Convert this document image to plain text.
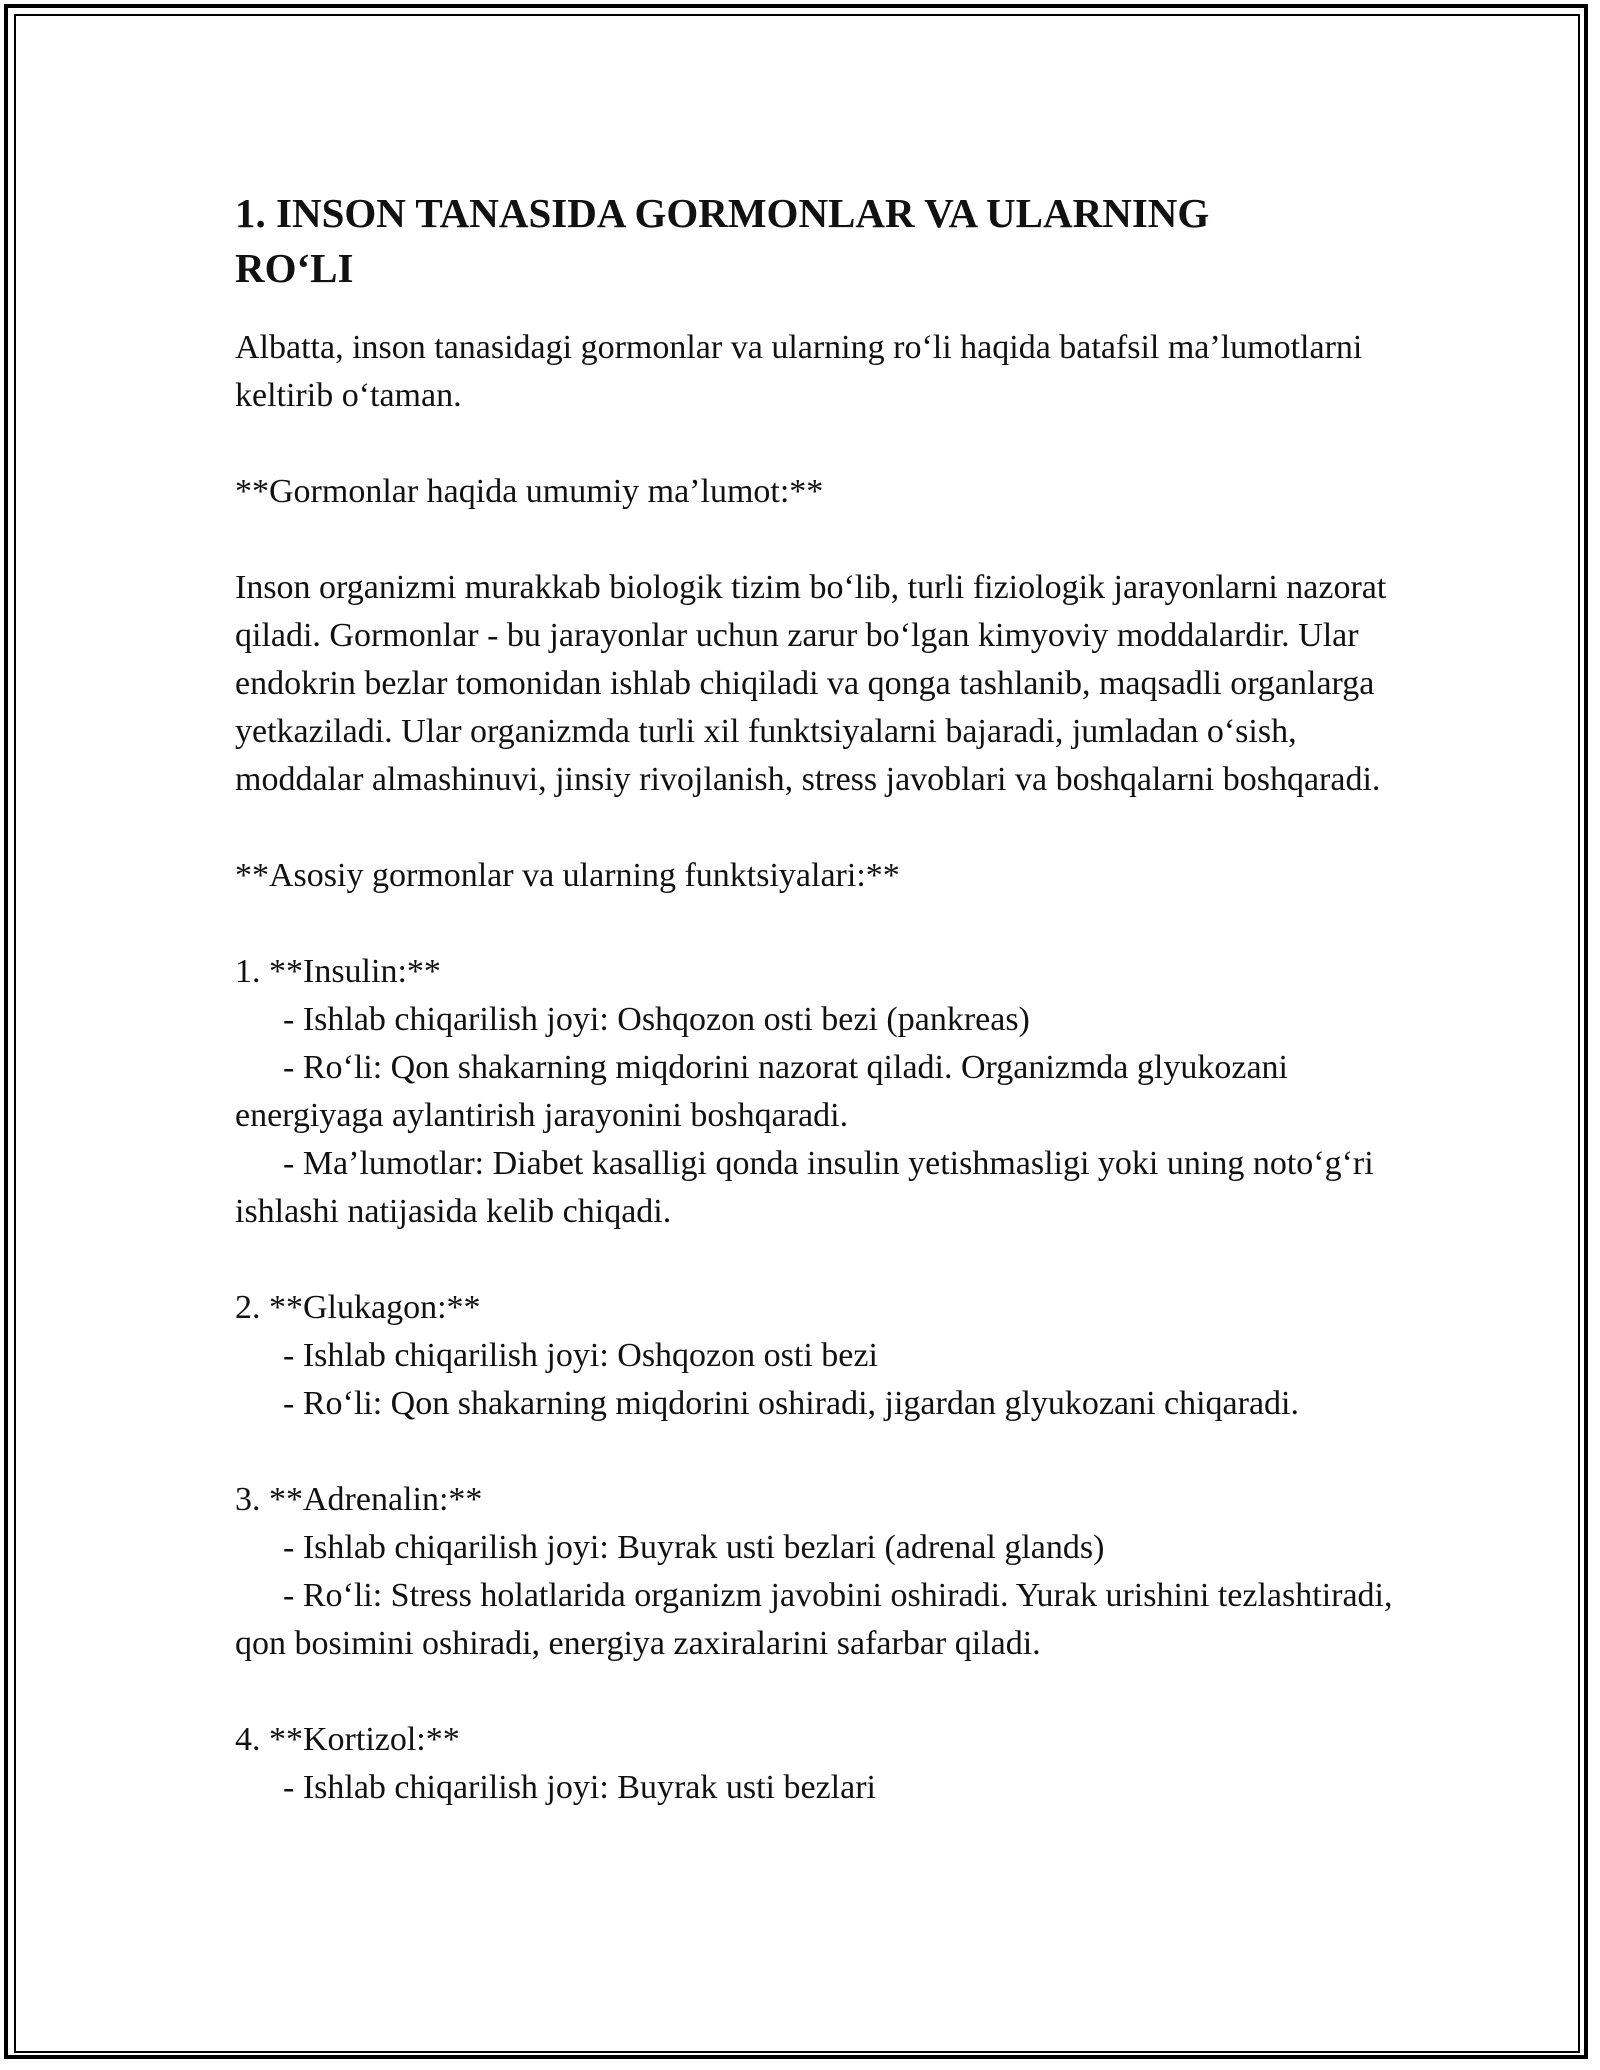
1. INSON TANASIDA GORMONLAR VA ULARNING RO‘LI

Albatta, inson tanasidagi gormonlar va ularning ro‘li haqida batafsil ma’lumotlarni keltirib o‘taman.

**Gormonlar haqida umumiy ma’lumot:**

Inson organizmi murakkab biologik tizim bo‘lib, turli fiziologik jarayonlarni nazorat qiladi. Gormonlar - bu jarayonlar uchun zarur bo‘lgan kimyoviy moddalardir. Ular endokrin bezlar tomonidan ishlab chiqiladi va qonga tashlanib, maqsadli organlarga yetkaziladi. Ular organizmda turli xil funktsiyalarni bajaradi, jumladan o‘sish, moddalar almashinuvi, jinsiy rivojlanish, stress javoblari va boshqalarni boshqaradi.

**Asosiy gormonlar va ularning funktsiyalari:**

1. **Insulin:**
- Ishlab chiqarilish joyi: Oshqozon osti bezi (pankreas)
- Ro‘li: Qon shakarning miqdorini nazorat qiladi. Organizmda glyukozani energiyaga aylantirish jarayonini boshqaradi.
- Ma’lumotlar: Diabet kasalligi qonda insulin yetishmasligi yoki uning noto‘g‘ri ishlashi natijasida kelib chiqadi.
2. **Glukagon:**
- Ishlab chiqarilish joyi: Oshqozon osti bezi
- Ro‘li: Qon shakarning miqdorini oshiradi, jigardan glyukozani chiqaradi.
3. **Adrenalin:**
- Ishlab chiqarilish joyi: Buyrak usti bezlari (adrenal glands)
- Ro‘li: Stress holatlarida organizm javobini oshiradi. Yurak urishini tezlashtiradi, qon bosimini oshiradi, energiya zaxiralarini safarbar qiladi.
4. **Kortizol:**
- Ishlab chiqarilish joyi: Buyrak usti bezlari
